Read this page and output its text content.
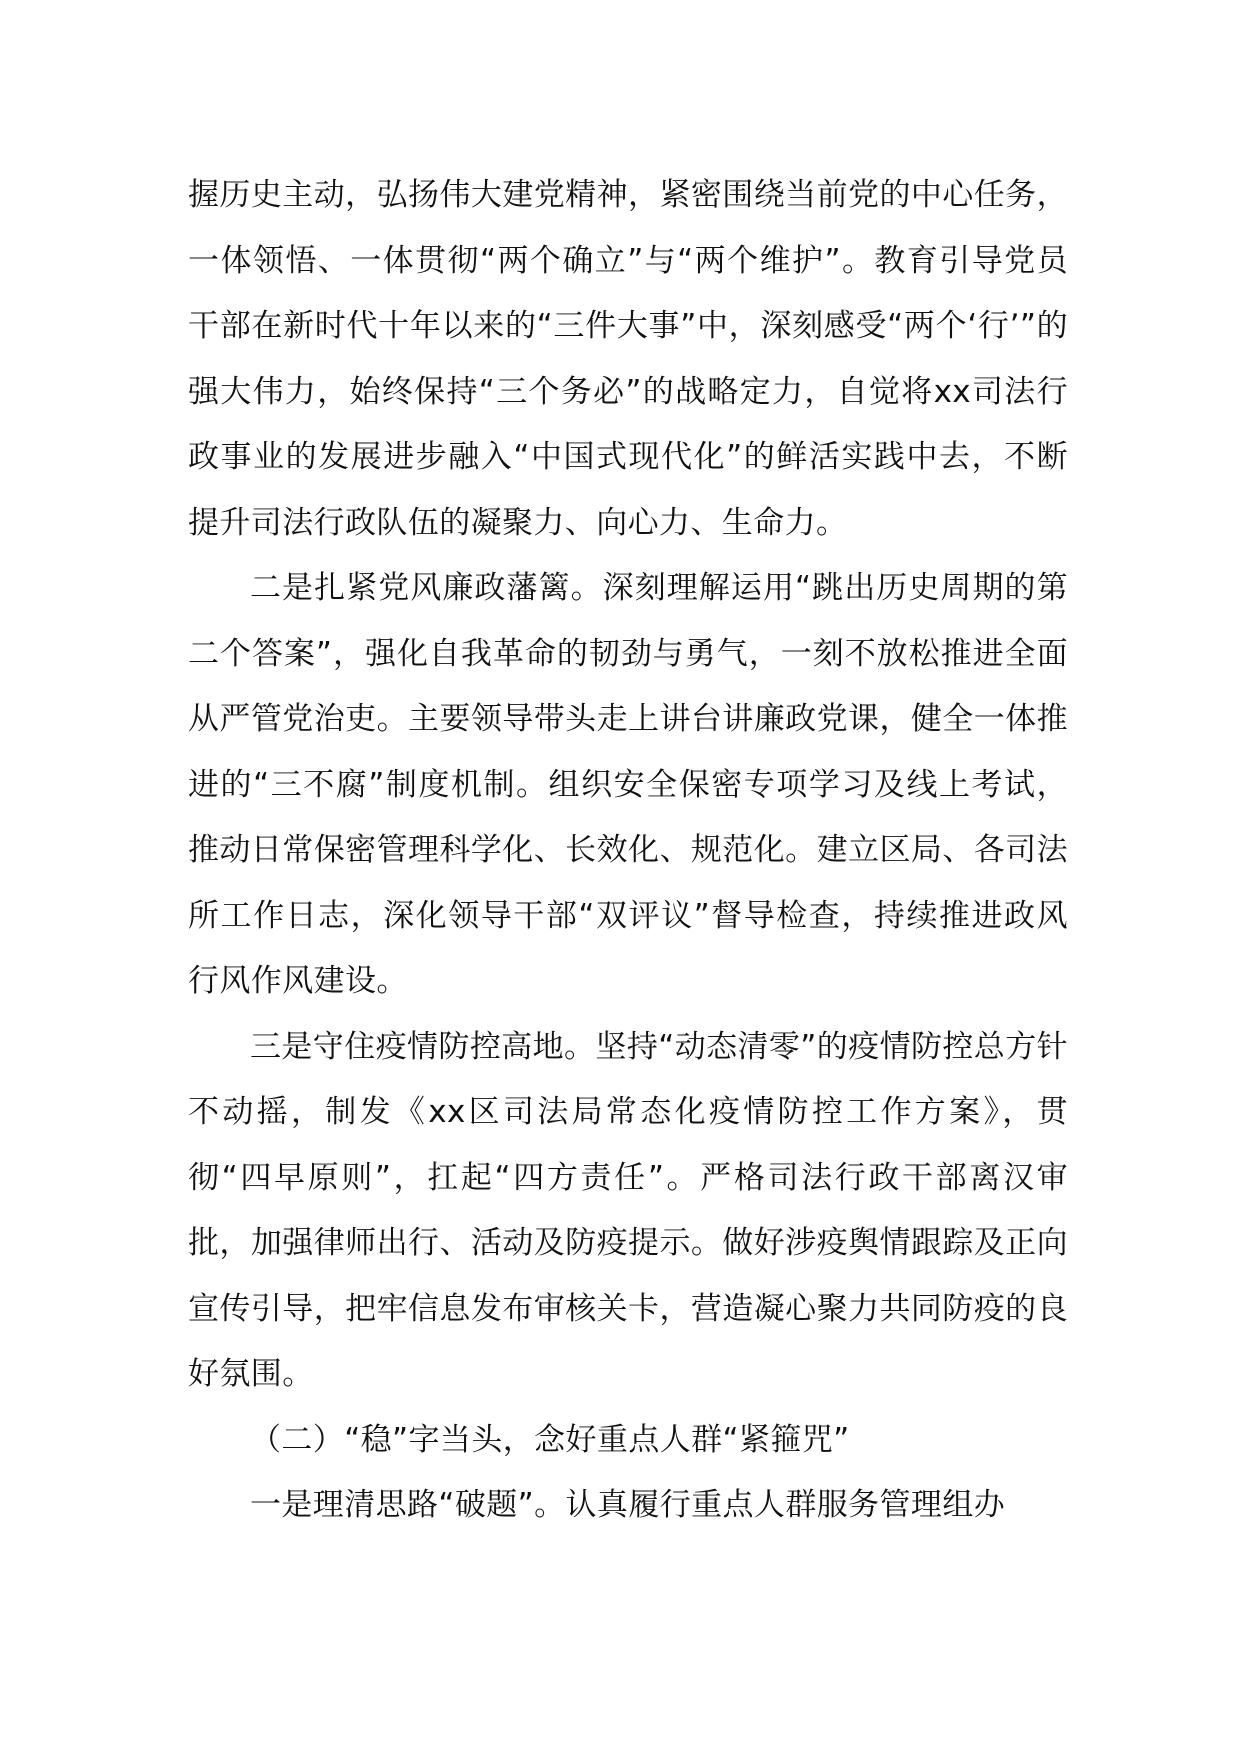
握历史主动，弘扬伟大建党精神，紧密围绕当前党的中心任务，一体领悟、一体贯彻“两个确立”与“两个维护”。教育引导党员干部在新时代十年以来的“三件大事”中，深刻感受“两个‘行’”的强大伟力，始终保持“三个务必”的战略定力，自觉将xx司法行政事业的发展进步融入“中国式现代化”的鲜活实践中去，不断提升司法行政队伍的凝聚力、向心力、生命力。

二是扎紧党风廉政藩篱。深刻理解运用“跳出历史周期的第二个答案”，强化自我革命的韧劲与勇气，一刻不放松推进全面从严管党治吏。主要领导带头走上讲台讲廉政党课，健全一体推进的“三不腐”制度机制。组织安全保密专项学习及线上考试，推动日常保密管理科学化、长效化、规范化。建立区局、各司法所工作日志，深化领导干部“双评议”督导检查，持续推进政风行风作风建设。

三是守住疫情防控高地。坚持“动态清零”的疫情防控总方针不动摇，制发《xx区司法局常态化疫情防控工作方案》，贯彻“四早原则”，扛起“四方责任”。严格司法行政干部离汉审批，加强律师出行、活动及防疫提示。做好涉疫舆情跟踪及正向宣传引导，把牢信息发布审核关卡，营造凝心聚力共同防疫的良好氛围。

（二）“稳”字当头，念好重点人群“紧箍咒”

一是理清思路“破题”。认真履行重点人群服务管理组办
